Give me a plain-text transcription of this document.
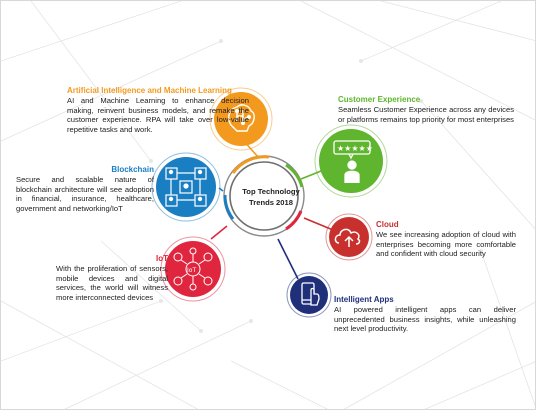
★★★★★
IoT
Top Technology
Trends 2018
Artificial Intelligence and Machine Learning
AI and Machine Learning to enhance decision making, reinvent business models, and remake the customer experience. RPA will take over low-value repetitive tasks and work.
Customer Experience
Seamless Customer Experience across any devices or platforms remains top priority for most enterprises
Blockchain
Secure and scalable nature of blockchain architecture will see adoption in financial, insurance, healthcare, government and networking/IoT
Cloud
We see increasing adoption of cloud with enterprises becoming more comfortable and confident with cloud security
IoT
With the proliferation of sensors, mobile devices and digital services, the world will witness more interconnected devices	Intelligent Apps
AI powered intelligent apps can deliver unprecedented business insights, while unleashing next level productivity.
